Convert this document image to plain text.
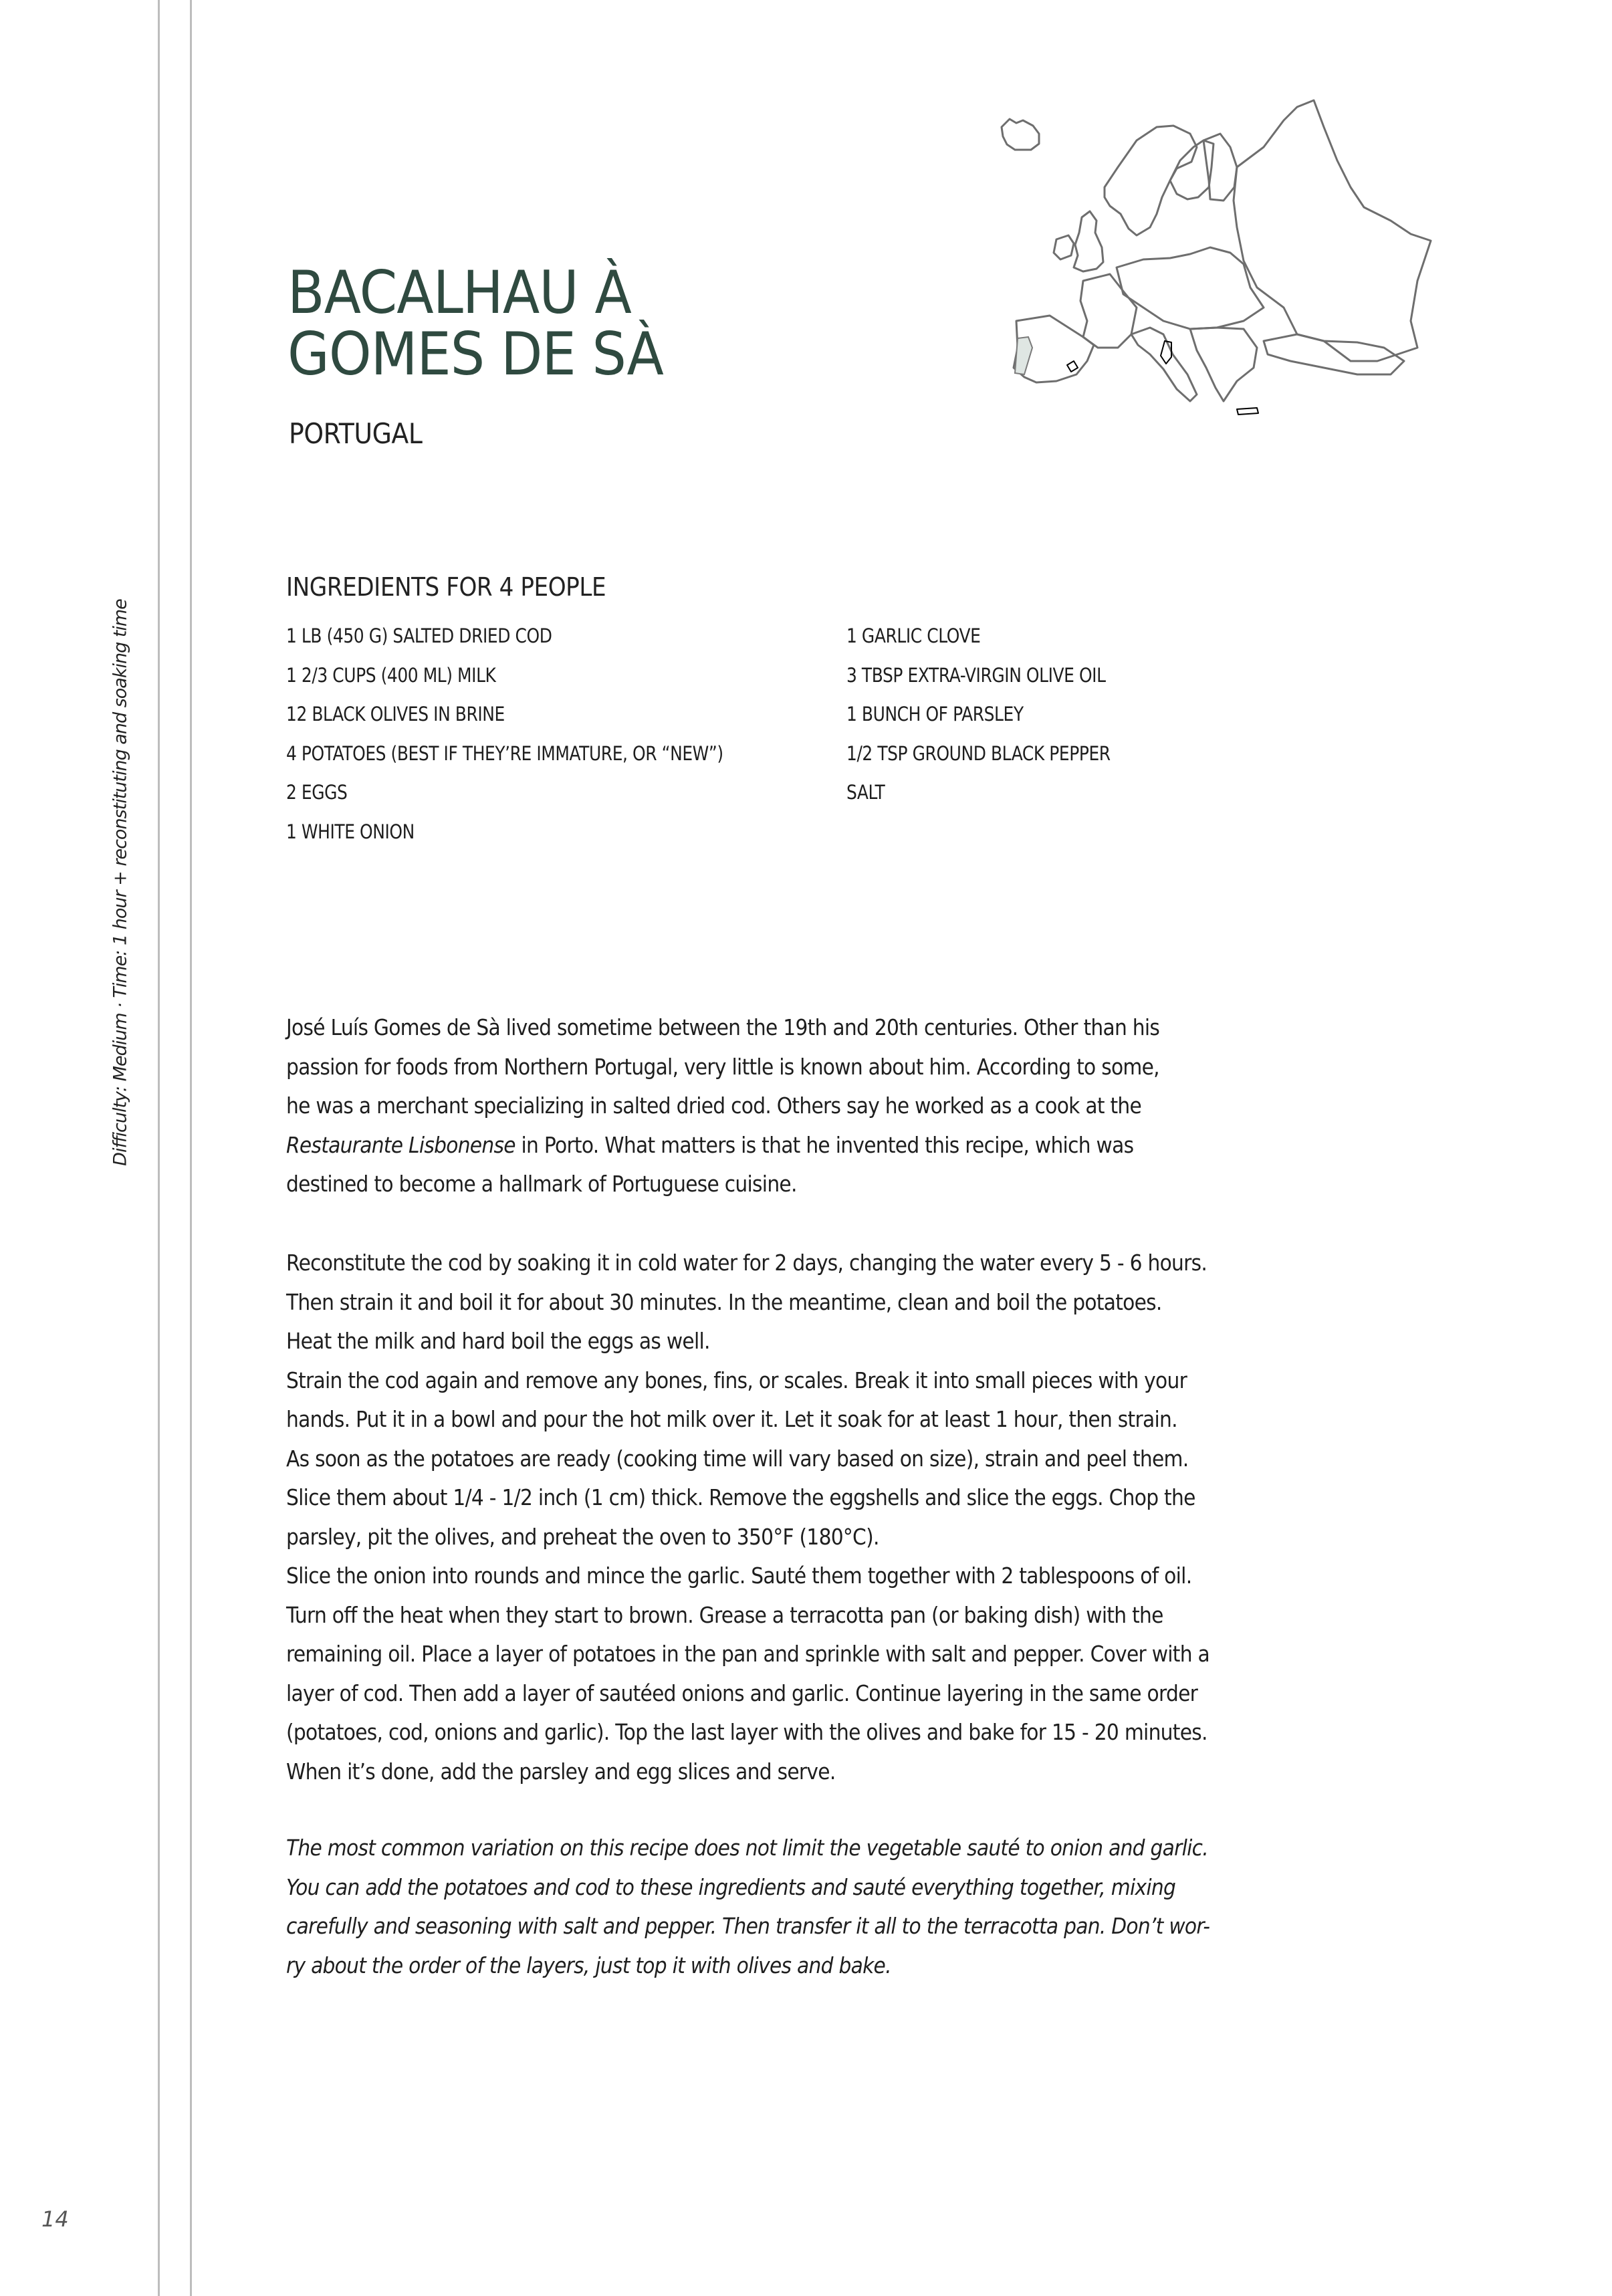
Difficulty: Medium · Time: 1 hour + reconstituting and soaking time
14
BACALHAU À
GOMES DE SÀ
PORTUGAL
INGREDIENTS FOR 4 PEOPLE
1 LB (450 G) SALTED DRIED COD
1 2/3 CUPS (400 ML) MILK
12 BLACK OLIVES IN BRINE
4 POTATOES (BEST IF THEY’RE IMMATURE, OR “NEW”)
2 EGGS
1 WHITE ONION
1 GARLIC CLOVE
3 TBSP EXTRA-VIRGIN OLIVE OIL
1 BUNCH OF PARSLEY
1/2 TSP GROUND BLACK PEPPER
SALT

José Luís Gomes de Sà lived sometime between the 19th and 20th centuries. Other than his

passion for foods from Northern Portugal, very little is known about him. According to some,

he was a merchant specializing in salted dried cod. Others say he worked as a cook at the

Restaurante Lisbonense in Porto. What matters is that he invented this recipe, which was

destined to become a hallmark of Portuguese cuisine.

Reconstitute the cod by soaking it in cold water for 2 days, changing the water every 5 - 6 hours.

Then strain it and boil it for about 30 minutes. In the meantime, clean and boil the potatoes.

Heat the milk and hard boil the eggs as well.

Strain the cod again and remove any bones, fins, or scales. Break it into small pieces with your

hands. Put it in a bowl and pour the hot milk over it. Let it soak for at least 1 hour, then strain.

As soon as the potatoes are ready (cooking time will vary based on size), strain and peel them.

Slice them about 1/4 - 1/2 inch (1 cm) thick. Remove the eggshells and slice the eggs. Chop the

parsley, pit the olives, and preheat the oven to 350°F (180°C).

Slice the onion into rounds and mince the garlic. Sauté them together with 2 tablespoons of oil.

Turn off the heat when they start to brown. Grease a terracotta pan (or baking dish) with the

remaining oil. Place a layer of potatoes in the pan and sprinkle with salt and pepper. Cover with a

layer of cod. Then add a layer of sautéed onions and garlic. Continue layering in the same order

(potatoes, cod, onions and garlic). Top the last layer with the olives and bake for 15 - 20 minutes.

When it’s done, add the parsley and egg slices and serve.

The most common variation on this recipe does not limit the vegetable sauté to onion and garlic.

You can add the potatoes and cod to these ingredients and sauté everything together, mixing

carefully and seasoning with salt and pepper. Then transfer it all to the terracotta pan. Don’t wor-

ry about the order of the layers, just top it with olives and bake.
